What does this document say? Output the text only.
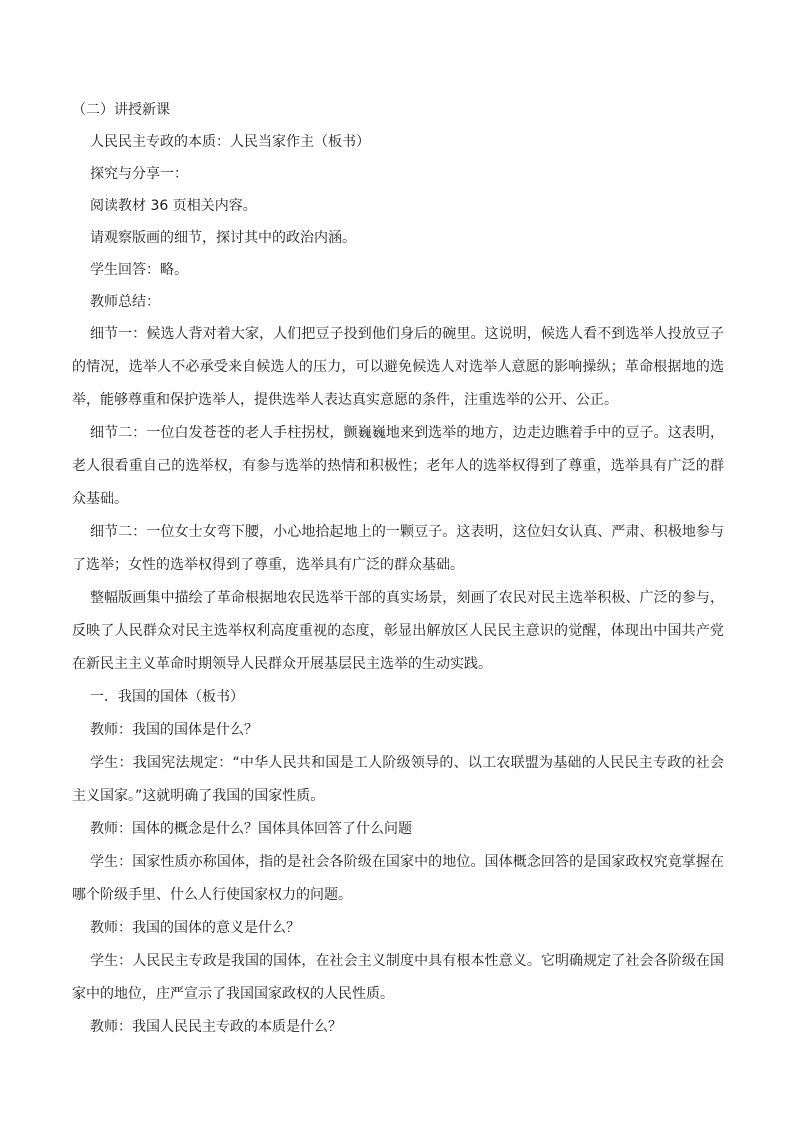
（二）讲授新课

人民民主专政的本质：人民当家作主（板书）

探究与分享一：

阅读教材 36 页相关内容。

请观察版画的细节，探讨其中的政治内涵。

学生回答：略。

教师总结：

细节一：候选人背对着大家，人们把豆子投到他们身后的碗里。这说明，候选人看不到选举人投放豆子的情况，选举人不必承受来自候选人的压力，可以避免候选人对选举人意愿的影响操纵；革命根据地的选举，能够尊重和保护选举人，提供选举人表达真实意愿的条件，注重选举的公开、公正。

细节二：一位白发苍苍的老人手柱拐杖，颤巍巍地来到选举的地方，边走边瞧着手中的豆子。这表明，老人很看重自己的选举权，有参与选举的热情和积极性；老年人的选举权得到了尊重，选举具有广泛的群众基础。

细节二：一位女士女弯下腰，小心地拾起地上的一颗豆子。这表明，这位妇女认真、严肃、积极地参与了选举；女性的选举权得到了尊重，选举具有广泛的群众基础。

整幅版画集中描绘了革命根据地农民选举干部的真实场景，刻画了农民对民主选举积极、广泛的参与，反映了人民群众对民主选举权利高度重视的态度，彰显出解放区人民民主意识的觉醒，体现出中国共产党在新民主主义革命时期领导人民群众开展基层民主选举的生动实践。

一．我国的国体（板书）

教师：我国的国体是什么？

学生：我国宪法规定：“中华人民共和国是工人阶级领导的、以工农联盟为基础的人民民主专政的社会主义国家。”这就明确了我国的国家性质。

教师：国体的概念是什么？国体具体回答了什么问题

学生：国家性质亦称国体，指的是社会各阶级在国家中的地位。国体概念回答的是国家政权究竟掌握在哪个阶级手里、什么人行使国家权力的问题。

教师：我国的国体的意义是什么？

学生：人民民主专政是我国的国体，在社会主义制度中具有根本性意义。它明确规定了社会各阶级在国家中的地位，庄严宣示了我国国家政权的人民性质。

教师：我国人民民主专政的本质是什么？
